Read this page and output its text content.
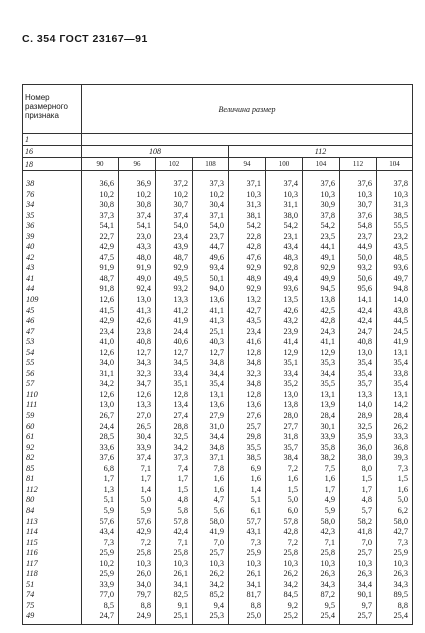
С. 354 ГОСТ 23167—91
Номер
размерного
признака	Величина размер								
1									
16	108				112				
18	90	96	102	108	94	100	104	112	104
38	36,6	36,9	37,2	37,3	37,1	37,4	37,6	37,6	37,8
76	10,2	10,2	10,2	10,2	10,3	10,3	10,3	10,3	10,3
34	30,8	30,8	30,7	30,4	31,3	31,1	30,9	30,7	31,3
35	37,3	37,4	37,4	37,1	38,1	38,0	37,8	37,6	38,5
36	54,1	54,1	54,0	54,0	54,2	54,2	54,2	54,8	55,5
39	22,7	23,0	23,4	23,7	22,8	23,1	23,5	23,7	23,2
40	42,9	43,3	43,9	44,7	42,8	43,4	44,1	44,9	43,5
42	47,5	48,0	48,7	49,6	47,6	48,3	49,1	50,0	48,5
43	91,9	91,9	92,9	93,4	92,9	92,8	92,9	93,2	93,6
41	48,7	49,0	49,5	50,1	48,9	49,4	49,9	50,6	49,7
44	91,8	92,4	93,2	94,0	92,9	93,6	94,5	95,6	94,8
109	12,6	13,0	13,3	13,6	13,2	13,5	13,8	14,1	14,0
45	41,5	41,3	41,2	41,1	42,7	42,6	42,5	42,4	43,8
46	42,9	42,6	41,9	41,3	43,5	43,2	42,8	42,4	44,5
47	23,4	23,8	24,4	25,1	23,4	23,9	24,3	24,7	24,5
53	41,0	40,8	40,6	40,3	41,6	41,4	41,1	40,8	41,9
54	12,6	12,7	12,7	12,7	12,8	12,9	12,9	13,0	13,1
55	34,0	34,3	34,5	34,8	34,8	35,1	35,3	35,4	35,4
56	31,1	32,3	33,4	34,4	32,3	33,4	34,4	35,4	33,8
57	34,2	34,7	35,1	35,4	34,8	35,2	35,5	35,7	35,4
110	12,6	12,6	12,8	13,1	12,8	13,0	13,1	13,3	13,1
111	13,0	13,3	13,4	13,6	13,6	13,8	13,9	14,0	14,2
59	26,7	27,0	27,4	27,9	27,6	28,0	28,4	28,9	28,4
60	24,4	26,5	28,8	31,0	25,7	27,7	30,1	32,5	26,2
61	28,5	30,4	32,5	34,4	29,8	31,8	33,9	35,9	33,3
92	33,6	33,9	34,2	34,8	35,5	35,7	35,8	36,0	36,8
82	37,6	37,4	37,3	37,1	38,5	38,4	38,2	38,0	39,3
85	6,8	7,1	7,4	7,8	6,9	7,2	7,5	8,0	7,3
81	1,7	1,7	1,7	1,6	1,6	1,6	1,6	1,5	1,5
112	1,3	1,4	1,5	1,6	1,4	1,5	1,7	1,7	1,6
80	5,1	5,0	4,8	4,7	5,1	5,0	4,9	4,8	5,0
84	5,9	5,9	5,8	5,6	6,1	6,0	5,9	5,7	6,2
113	57,6	57,6	57,8	58,0	57,7	57,8	58,0	58,2	58,0
114	43,4	42,9	42,4	41,9	43,1	42,8	42,3	41,8	42,7
115	7,3	7,2	7,1	7,0	7,3	7,2	7,1	7,0	7,3
116	25,9	25,8	25,8	25,7	25,9	25,8	25,8	25,7	25,9
117	10,2	10,3	10,3	10,3	10,3	10,3	10,3	10,3	10,3
118	25,9	26,0	26,1	26,2	26,1	26,2	26,3	26,3	26,3
51	33,9	34,0	34,1	34,2	34,1	34,2	34,3	34,4	34,3
74	77,0	79,7	82,5	85,2	81,7	84,5	87,2	90,1	89,5
75	8,5	8,8	9,1	9,4	8,8	9,2	9,5	9,7	8,8
49	24,7	24,9	25,1	25,3	25,0	25,2	25,4	25,7	25,4
